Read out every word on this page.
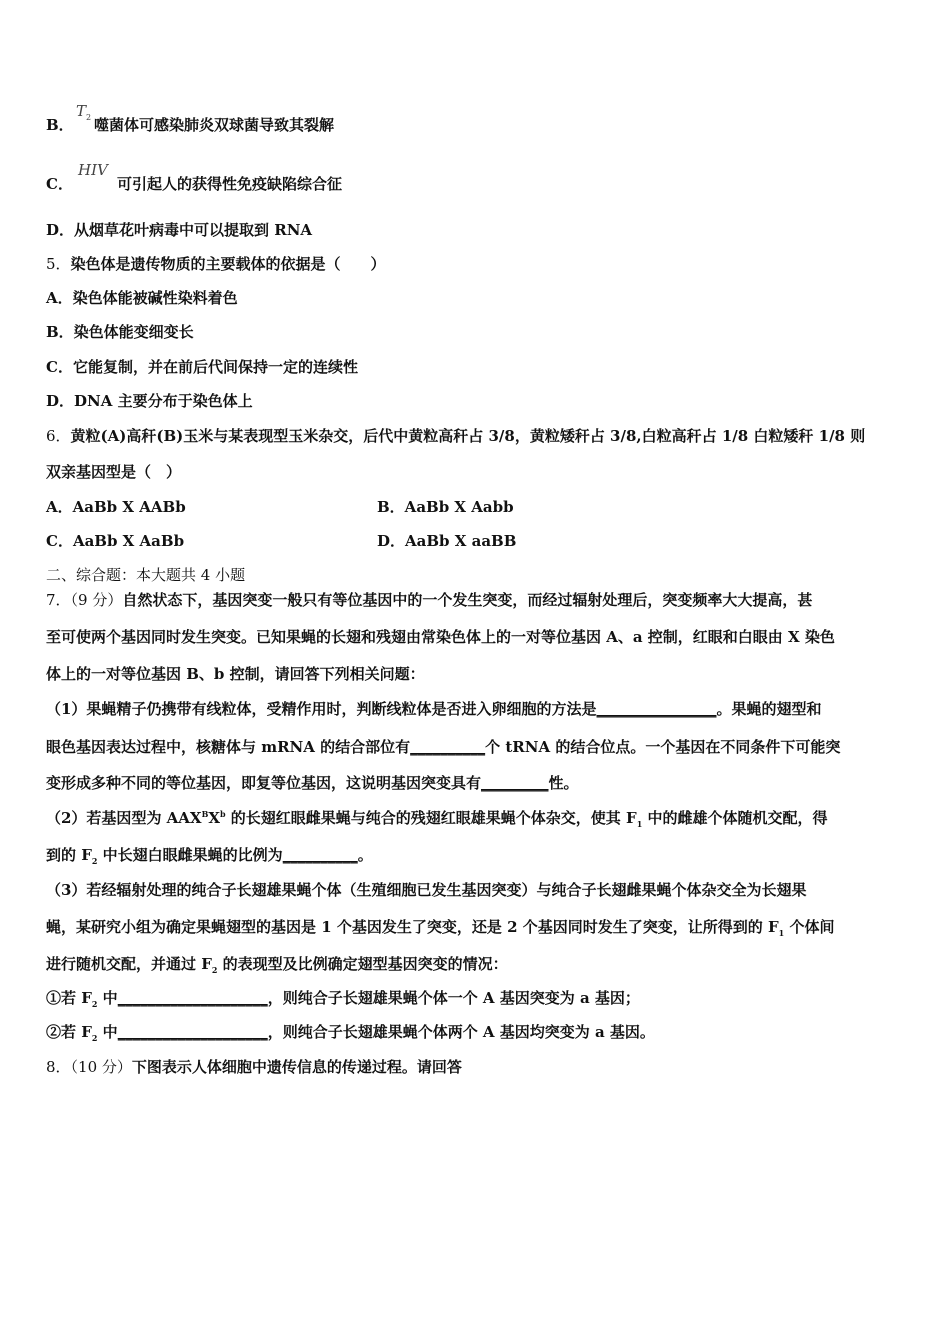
B．
$T_2$ 噬菌体可感染肺炎双球菌导致其裂解
C．
HIV
可引起人的获得性免疫缺陷综合征
D．从烟草花叶病毒中可以提取到 RNA
5．染色体是遗传物质的主要载体的依据是（　　）
A．染色体能被碱性染料着色
B．染色体能变细变长
C．它能复制，并在前后代间保持一定的连续性
D．DNA 主要分布于染色体上
6．黄粒(A)高秆(B)玉米与某表现型玉米杂交，后代中黄粒高秆占 3/8，黄粒矮秆占 3/8,白粒高秆占 1/8 白粒矮秆 1/8 则
双亲基因型是（　）
A．AaBb X AABb	B．AaBb X Aabb
C．AaBb X AaBb	D．AaBb X aaBB
二、综合题：本大题共 4 小题
7．（9 分）自然状态下，基因突变一般只有等位基因中的一个发生突变，而经过辐射处理后，突变频率大大提高，甚
至可使两个基因同时发生突变。已知果蝇的长翅和残翅由常染色体上的一对等位基因 A、a 控制，红眼和白眼由 X 染色
体上的一对等位基因 B、b 控制，请回答下列相关问题：
（1）果蝇精子仍携带有线粒体，受精作用时，判断线粒体是否进入卵细胞的方法是________________。果蝇的翅型和
眼色基因表达过程中，核糖体与 mRNA 的结合部位有__________个 tRNA 的结合位点。一个基因在不同条件下可能突
变形成多种不同的等位基因，即复等位基因，这说明基因突变具有_________性。
（2）若基因型为 $AAX^BX^b$ 的长翅红眼雌果蝇与纯合的残翅红眼雄果蝇个体杂交，使其 $F_1$ 中的雌雄个体随机交配，得
到的 $F_2$ 中长翅白眼雌果蝇的比例为__________。
（3）若经辐射处理的纯合子长翅雄果蝇个体（生殖细胞已发生基因突变）与纯合子长翅雌果蝇个体杂交全为长翅果
蝇，某研究小组为确定果蝇翅型的基因是 1 个基因发生了突变，还是 2 个基因同时发生了突变，让所得到的 $F_1$ 个体间
进行随机交配，并通过 $F_2$ 的表现型及比例确定翅型基因突变的情况：
①若 $F_2$ 中____________________，则纯合子长翅雄果蝇个体一个 A 基因突变为 a 基因；
②若 $F_2$ 中____________________，则纯合子长翅雄果蝇个体两个 A 基因均突变为 a 基因。
8．（10 分）下图表示人体细胞中遗传信息的传递过程。请回答
